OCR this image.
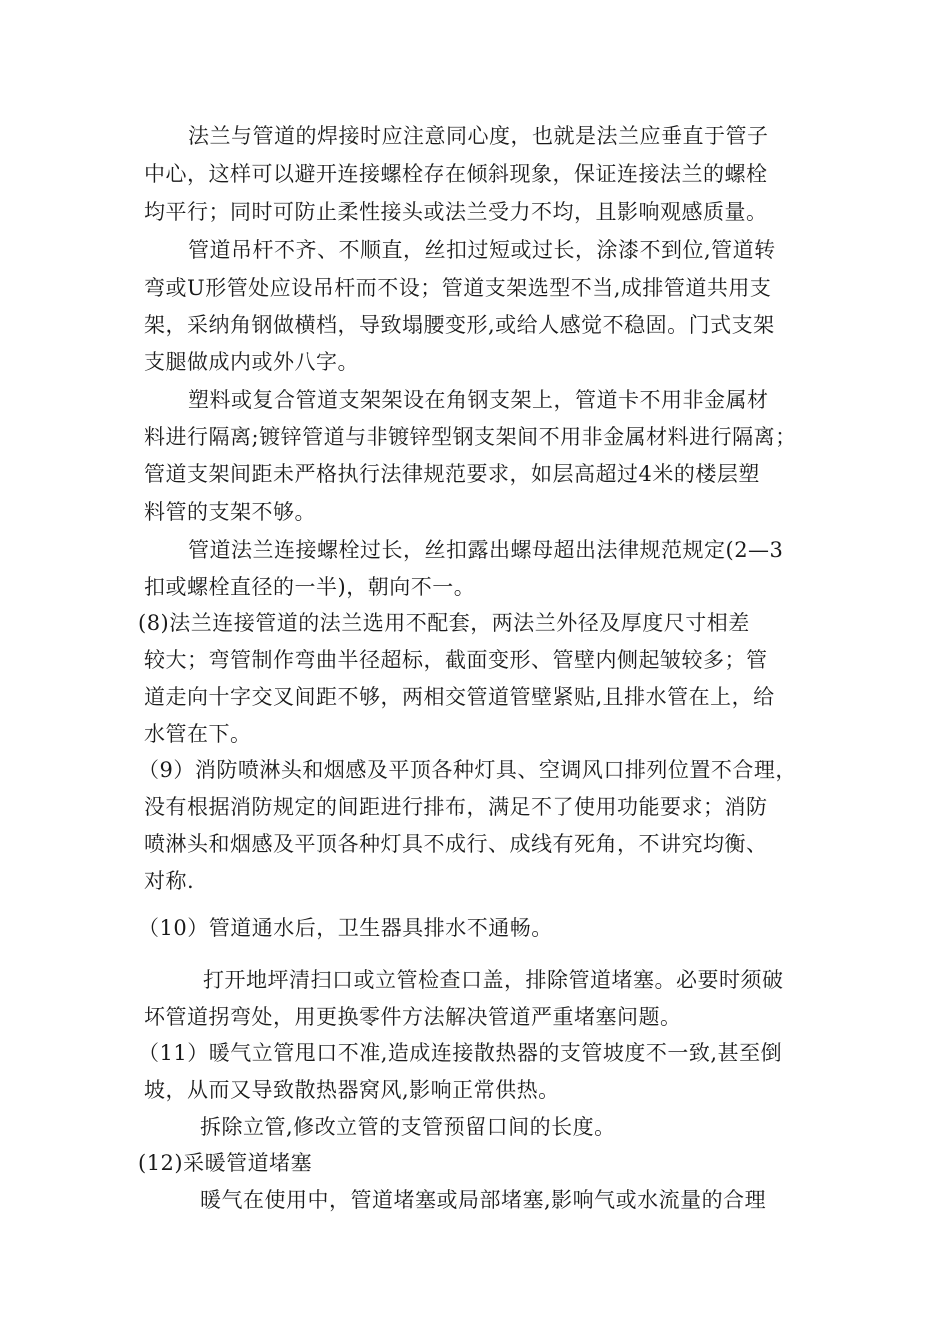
法兰与管道的焊接时应注意同心度，也就是法兰应垂直于管子
中心，这样可以避开连接螺栓存在倾斜现象，保证连接法兰的螺栓
均平行；同时可防止柔性接头或法兰受力不均，且影响观感质量。
管道吊杆不齐、不顺直，丝扣过短或过长，涂漆不到位,管道转
弯或U形管处应设吊杆而不设；管道支架选型不当,成排管道共用支
架，采纳角钢做横档，导致塌腰变形,或给人感觉不稳固。门式支架
支腿做成内或外八字。
塑料或复合管道支架架设在角钢支架上，管道卡不用非金属材
料进行隔离;镀锌管道与非镀锌型钢支架间不用非金属材料进行隔离；
管道支架间距未严格执行法律规范要求，如层高超过4米的楼层塑
料管的支架不够。
管道法兰连接螺栓过长，丝扣露出螺母超出法律规范规定(2—3
扣或螺栓直径的一半)，朝向不一。
(8)法兰连接管道的法兰选用不配套，两法兰外径及厚度尺寸相差
较大；弯管制作弯曲半径超标，截面变形、管壁内侧起皱较多；管
道走向十字交叉间距不够，两相交管道管壁紧贴,且排水管在上，给
水管在下。
（9）消防喷淋头和烟感及平顶各种灯具、空调风口排列位置不合理，
没有根据消防规定的间距进行排布，满足不了使用功能要求；消防
喷淋头和烟感及平顶各种灯具不成行、成线有死角，不讲究均衡、
对称.
（10）管道通水后，卫生器具排水不通畅。
打开地坪清扫口或立管检查口盖，排除管道堵塞。必要时须破
坏管道拐弯处，用更换零件方法解决管道严重堵塞问题。
（11）暖气立管甩口不准,造成连接散热器的支管坡度不一致,甚至倒
坡，从而又导致散热器窝风,影响正常供热。
拆除立管,修改立管的支管预留口间的长度。
(12)采暖管道堵塞
暖气在使用中，管道堵塞或局部堵塞,影响气或水流量的合理
